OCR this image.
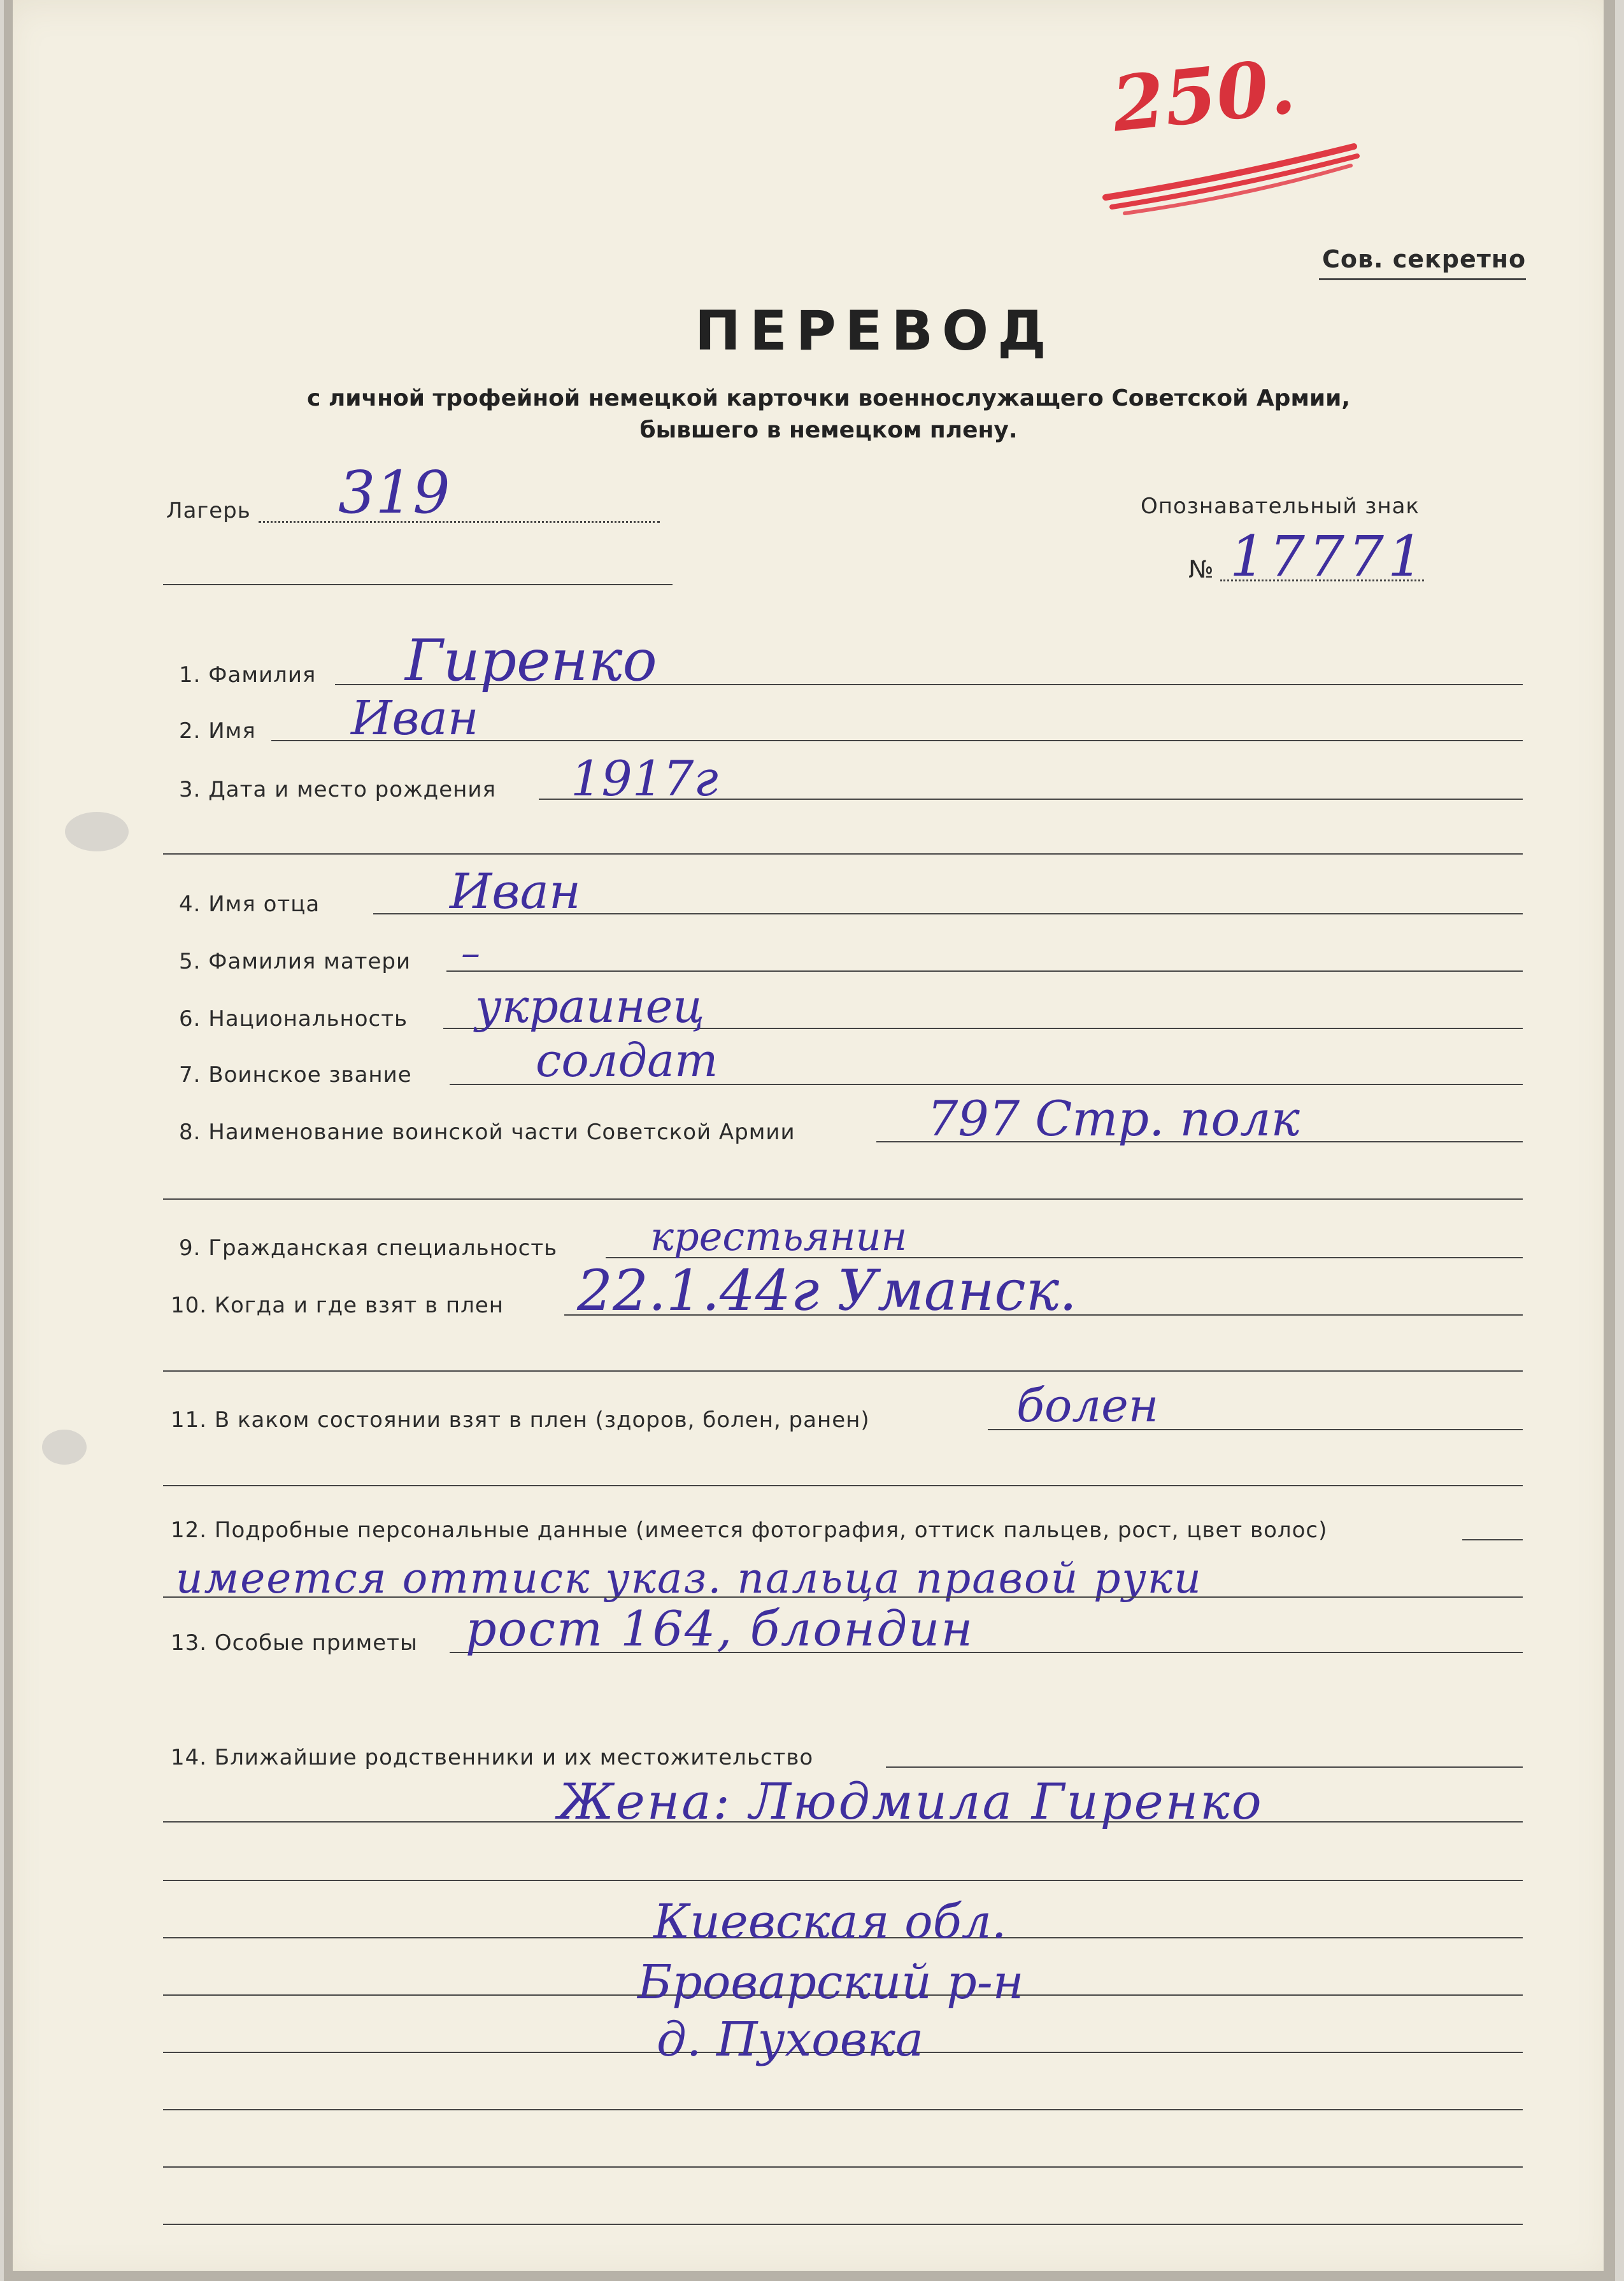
250.
Сов. секретно
ПЕРЕВОД
с личной трофейной немецкой карточки военнослужащего Советской Армии,
бывшего в немецком плену.
Лагерь 319	Опознавательный знак
№ 17771
1. Фамилия Гиренко
2. Имя Иван
3. Дата и место рождения 1917г
4. Имя отца	Иван
5. Фамилия матери –
6. Национальность украинец
7. Воинское звание	солдат
8. Наименование воинской части Советской Армии	797 Стр. полк
9. Гражданская специальность крестьянин
10. Когда и где взят в плен 22.1.44г Уманск.
11. В каком состоянии взят в плен (здоров, болен, ранен)	болен
12. Подробные персональные данные (имеется фотография, оттиск пальцев, рост, цвет волос)
имеется оттиск указ. пальца правой руки
13. Особые приметы рост 164, блондин
14. Ближайшие родственники и их местожительство
Жена: Людмила Гиренко
Киевская обл.
Броварский р-н
д. Пуховка
